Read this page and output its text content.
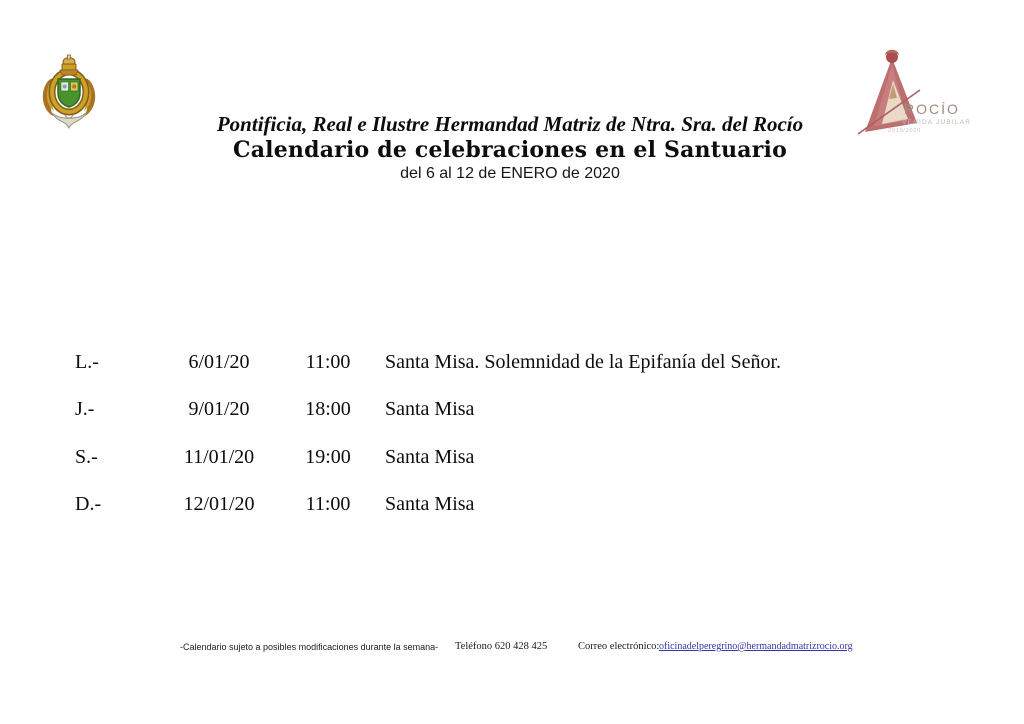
Pontificia, Real e Ilustre Hermandad Matriz de Ntra. Sra. del Rocío
Calendario de celebraciones en el Santuario
del 6 al 12 de ENERO de 2020
ROCÍO
VENIDA JUBILAR
2019/2020
L.-	6/01/20	11:00	Santa Misa. Solemnidad de la Epifanía del Señor.
J.-	9/01/20	18:00	Santa Misa
S.-	11/01/20	19:00	Santa Misa
D.-	12/01/20	11:00	Santa Misa
-Calendario sujeto a posibles modificaciones durante la semana- Teléfono 620 428 425	Correo electrónico: oficinadelperegrino@hermandadmatrizrocio.org
